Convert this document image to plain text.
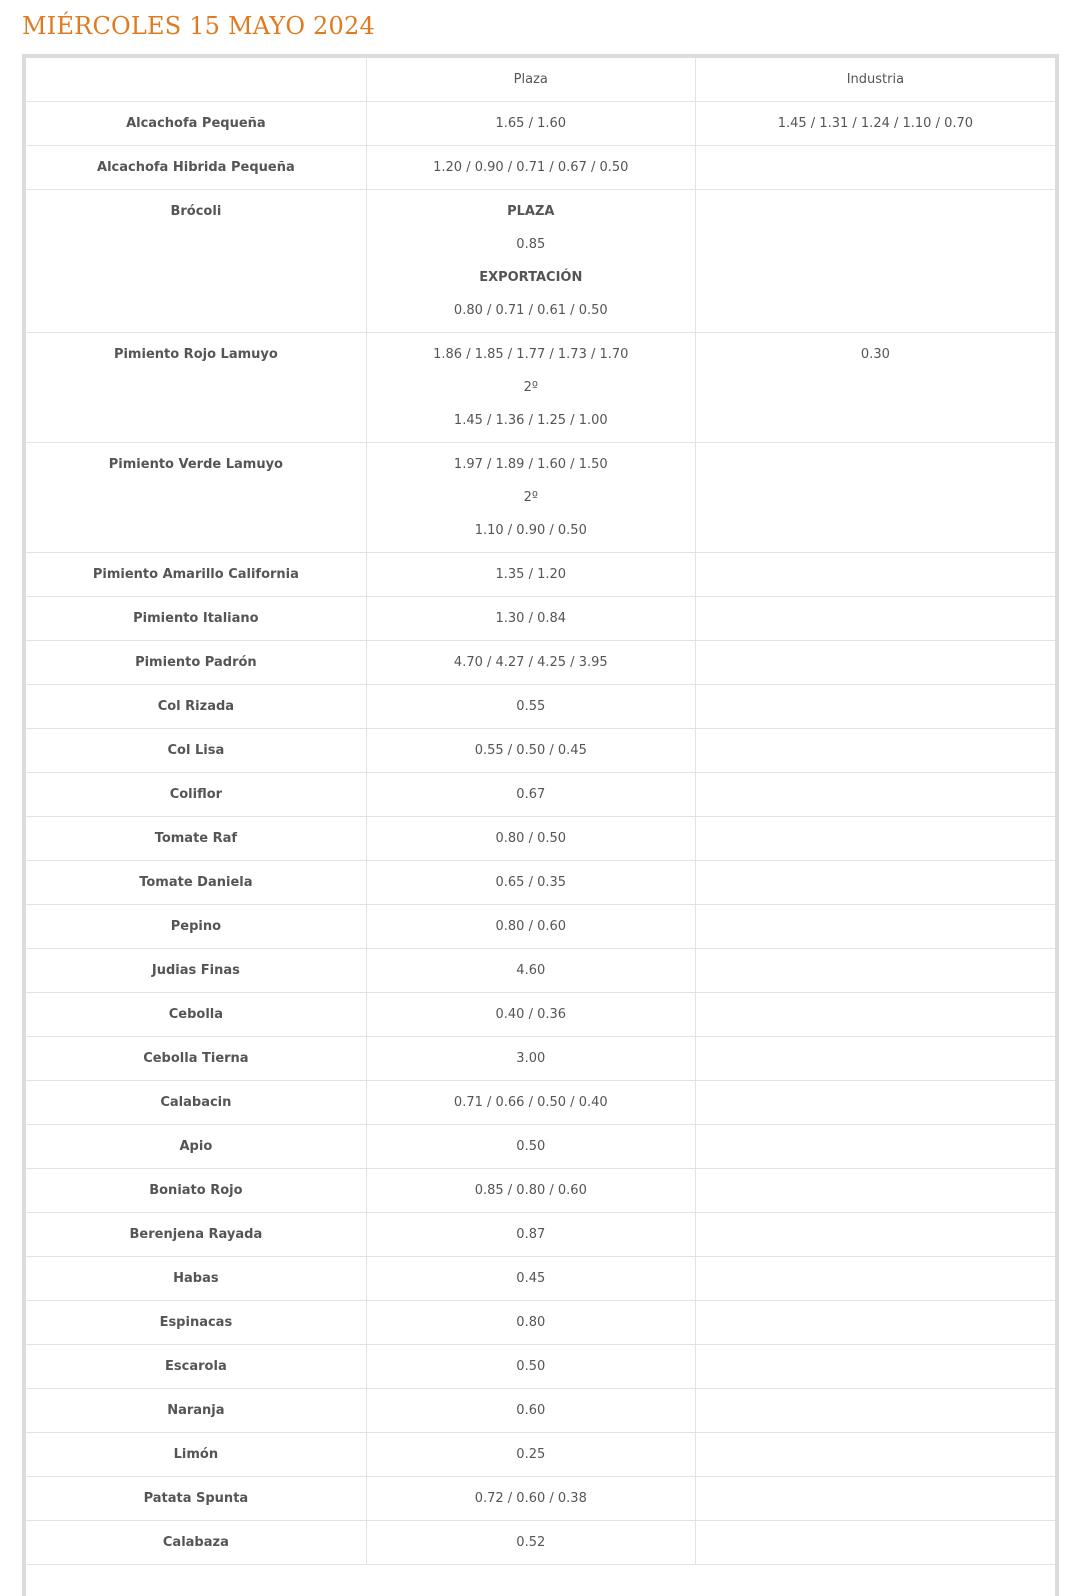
MIÉRCOLES 15 MAYO 2024
	Plaza	Industria
Alcachofa Pequeña	1.65 / 1.60	1.45 / 1.31 / 1.24 / 1.10 / 0.70

Alcachofa Hibrida Pequeña	1.20 / 0.90 / 0.71 / 0.67 / 0.50	

Brócoli	PLAZA
0.85
EXPORTACIÓN
0.80 / 0.71 / 0.61 / 0.50	

Pimiento Rojo Lamuyo	1.86 / 1.85 / 1.77 / 1.73 / 1.70
2º
1.45 / 1.36 / 1.25 / 1.00	0.30

Pimiento Verde Lamuyo	1.97 / 1.89 / 1.60 / 1.50
2º
1.10 / 0.90 / 0.50	

Pimiento Amarillo California	1.35 / 1.20	

Pimiento Italiano	1.30 / 0.84	

Pimiento Padrón	4.70 / 4.27 / 4.25 / 3.95	

Col Rizada	0.55	

Col Lisa	0.55 / 0.50 / 0.45	

Coliflor	0.67	

Tomate Raf	0.80 / 0.50	

Tomate Daniela	0.65 / 0.35	

Pepino	0.80 / 0.60	

Judias Finas	4.60	

Cebolla	0.40 / 0.36	

Cebolla Tierna	3.00	

Calabacin	0.71 / 0.66 / 0.50 / 0.40	

Apio	0.50	

Boniato Rojo	0.85 / 0.80 / 0.60	

Berenjena Rayada	0.87	

Habas	0.45	

Espinacas	0.80	

Escarola	0.50	

Naranja	0.60	

Limón	0.25	

Patata Spunta	0.72 / 0.60 / 0.38	

Calabaza	0.52	
